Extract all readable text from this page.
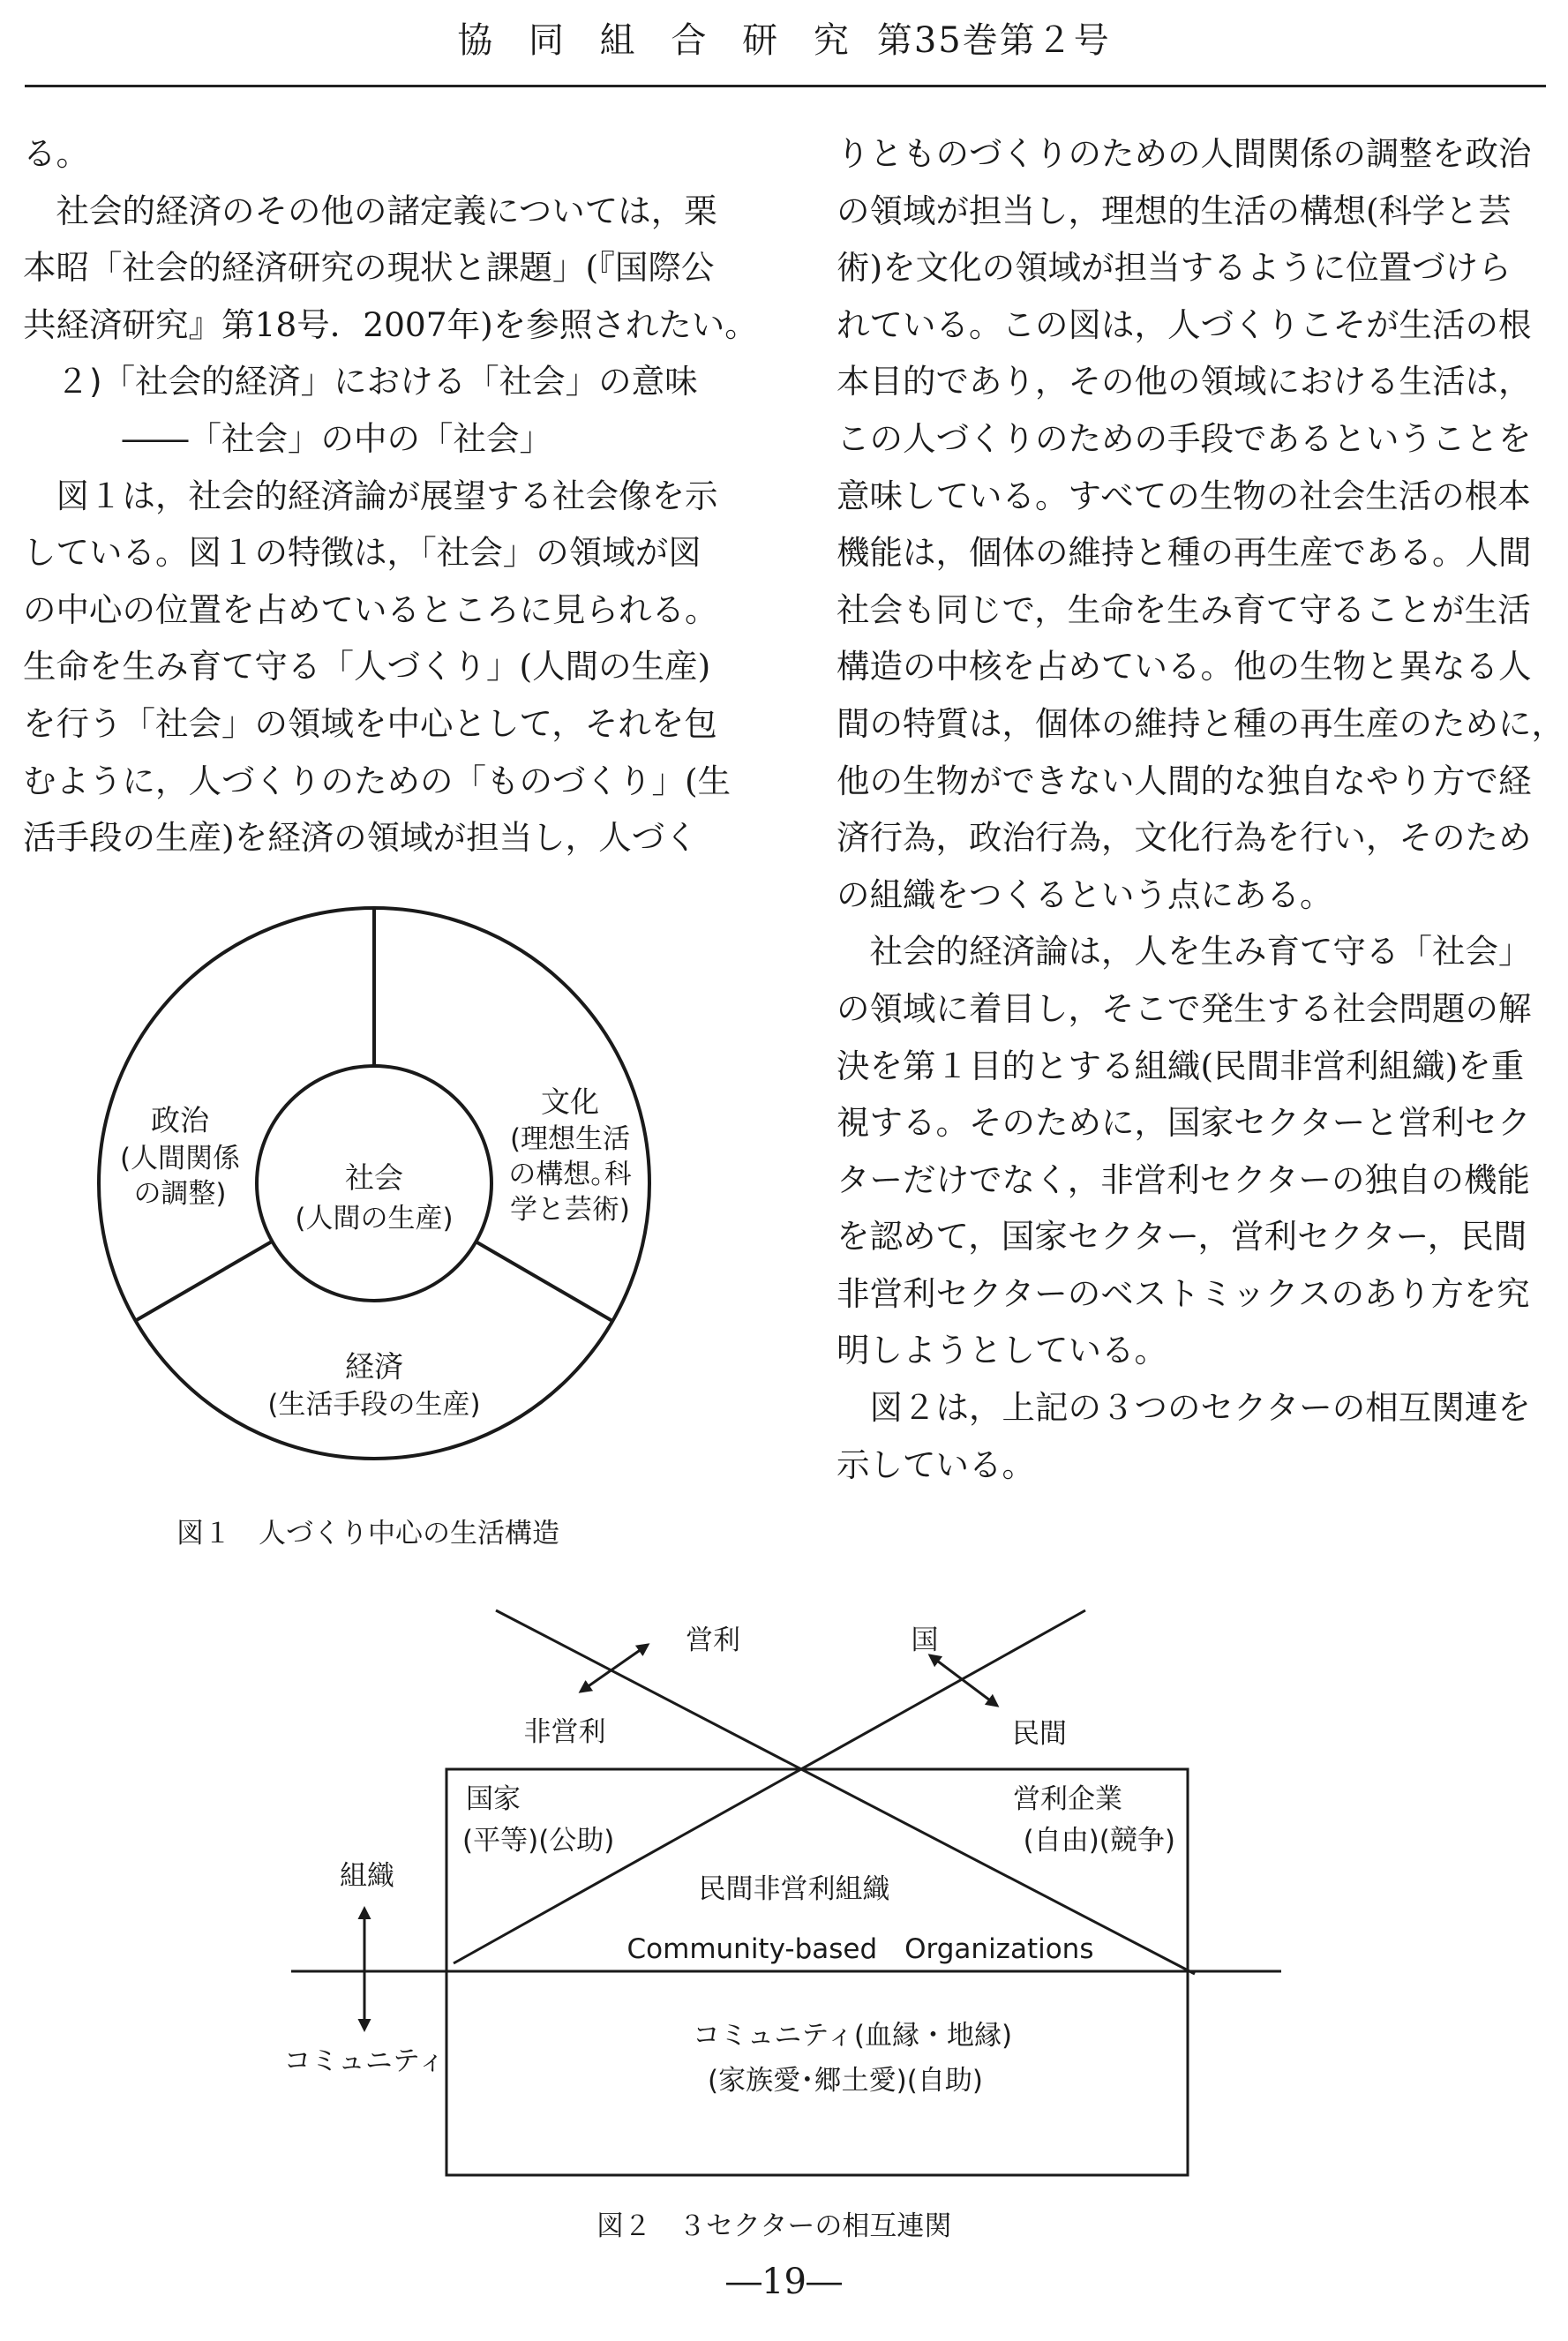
協 同 組 合 研 究 第35巻第２号
る。
　社会的経済のその他の諸定義については，栗
本昭「社会的経済研究の現状と課題」(『国際公
共経済研究』第18号．2007年)を参照されたい。
　２)「社会的経済」における「社会」の意味
　　　――「社会」の中の「社会」
　図１は，社会的経済論が展望する社会像を示
している。図１の特徴は，「社会」の領域が図
の中心の位置を占めているところに見られる。
生命を生み育て守る「人づくり」(人間の生産)
を行う「社会」の領域を中心として，それを包
むように，人づくりのための「ものづくり」(生
活手段の生産)を経済の領域が担当し，人づく
りとものづくりのための人間関係の調整を政治
の領域が担当し，理想的生活の構想(科学と芸
術)を文化の領域が担当するように位置づけら
れている。この図は，人づくりこそが生活の根
本目的であり，その他の領域における生活は，
この人づくりのための手段であるということを
意味している。すべての生物の社会生活の根本
機能は，個体の維持と種の再生産である。人間
社会も同じで，生命を生み育て守ることが生活
構造の中核を占めている。他の生物と異なる人
間の特質は，個体の維持と種の再生産のために，
他の生物ができない人間的な独自なやり方で経
済行為，政治行為，文化行為を行い，そのため
の組織をつくるという点にある。
　社会的経済論は，人を生み育て守る「社会」
の領域に着目し，そこで発生する社会問題の解
決を第１目的とする組織(民間非営利組織)を重
視する。そのために，国家セクターと営利セク
ターだけでなく，非営利セクターの独自の機能
を認めて，国家セクター，営利セクター，民間
非営利セクターのベストミックスのあり方を究
明しようとしている。
　図２は，上記の３つのセクターの相互関連を
示している。
社会
(人間の生産)
政治
(人間関係
の調整)
文化
(理想生活
の構想｡科
学と芸術)
経済
(生活手段の生産)
図１　人づくり中心の生活構造
営利
非営利
国
民間
国家
(平等)(公助)
営利企業
(自由)(競争)
民間非営利組織
Community-based　Organizations
組織
コミュニティ
コミュニティ(血縁・地縁)
(家族愛･郷土愛)(自助)
図２　３セクターの相互連関
―19―
